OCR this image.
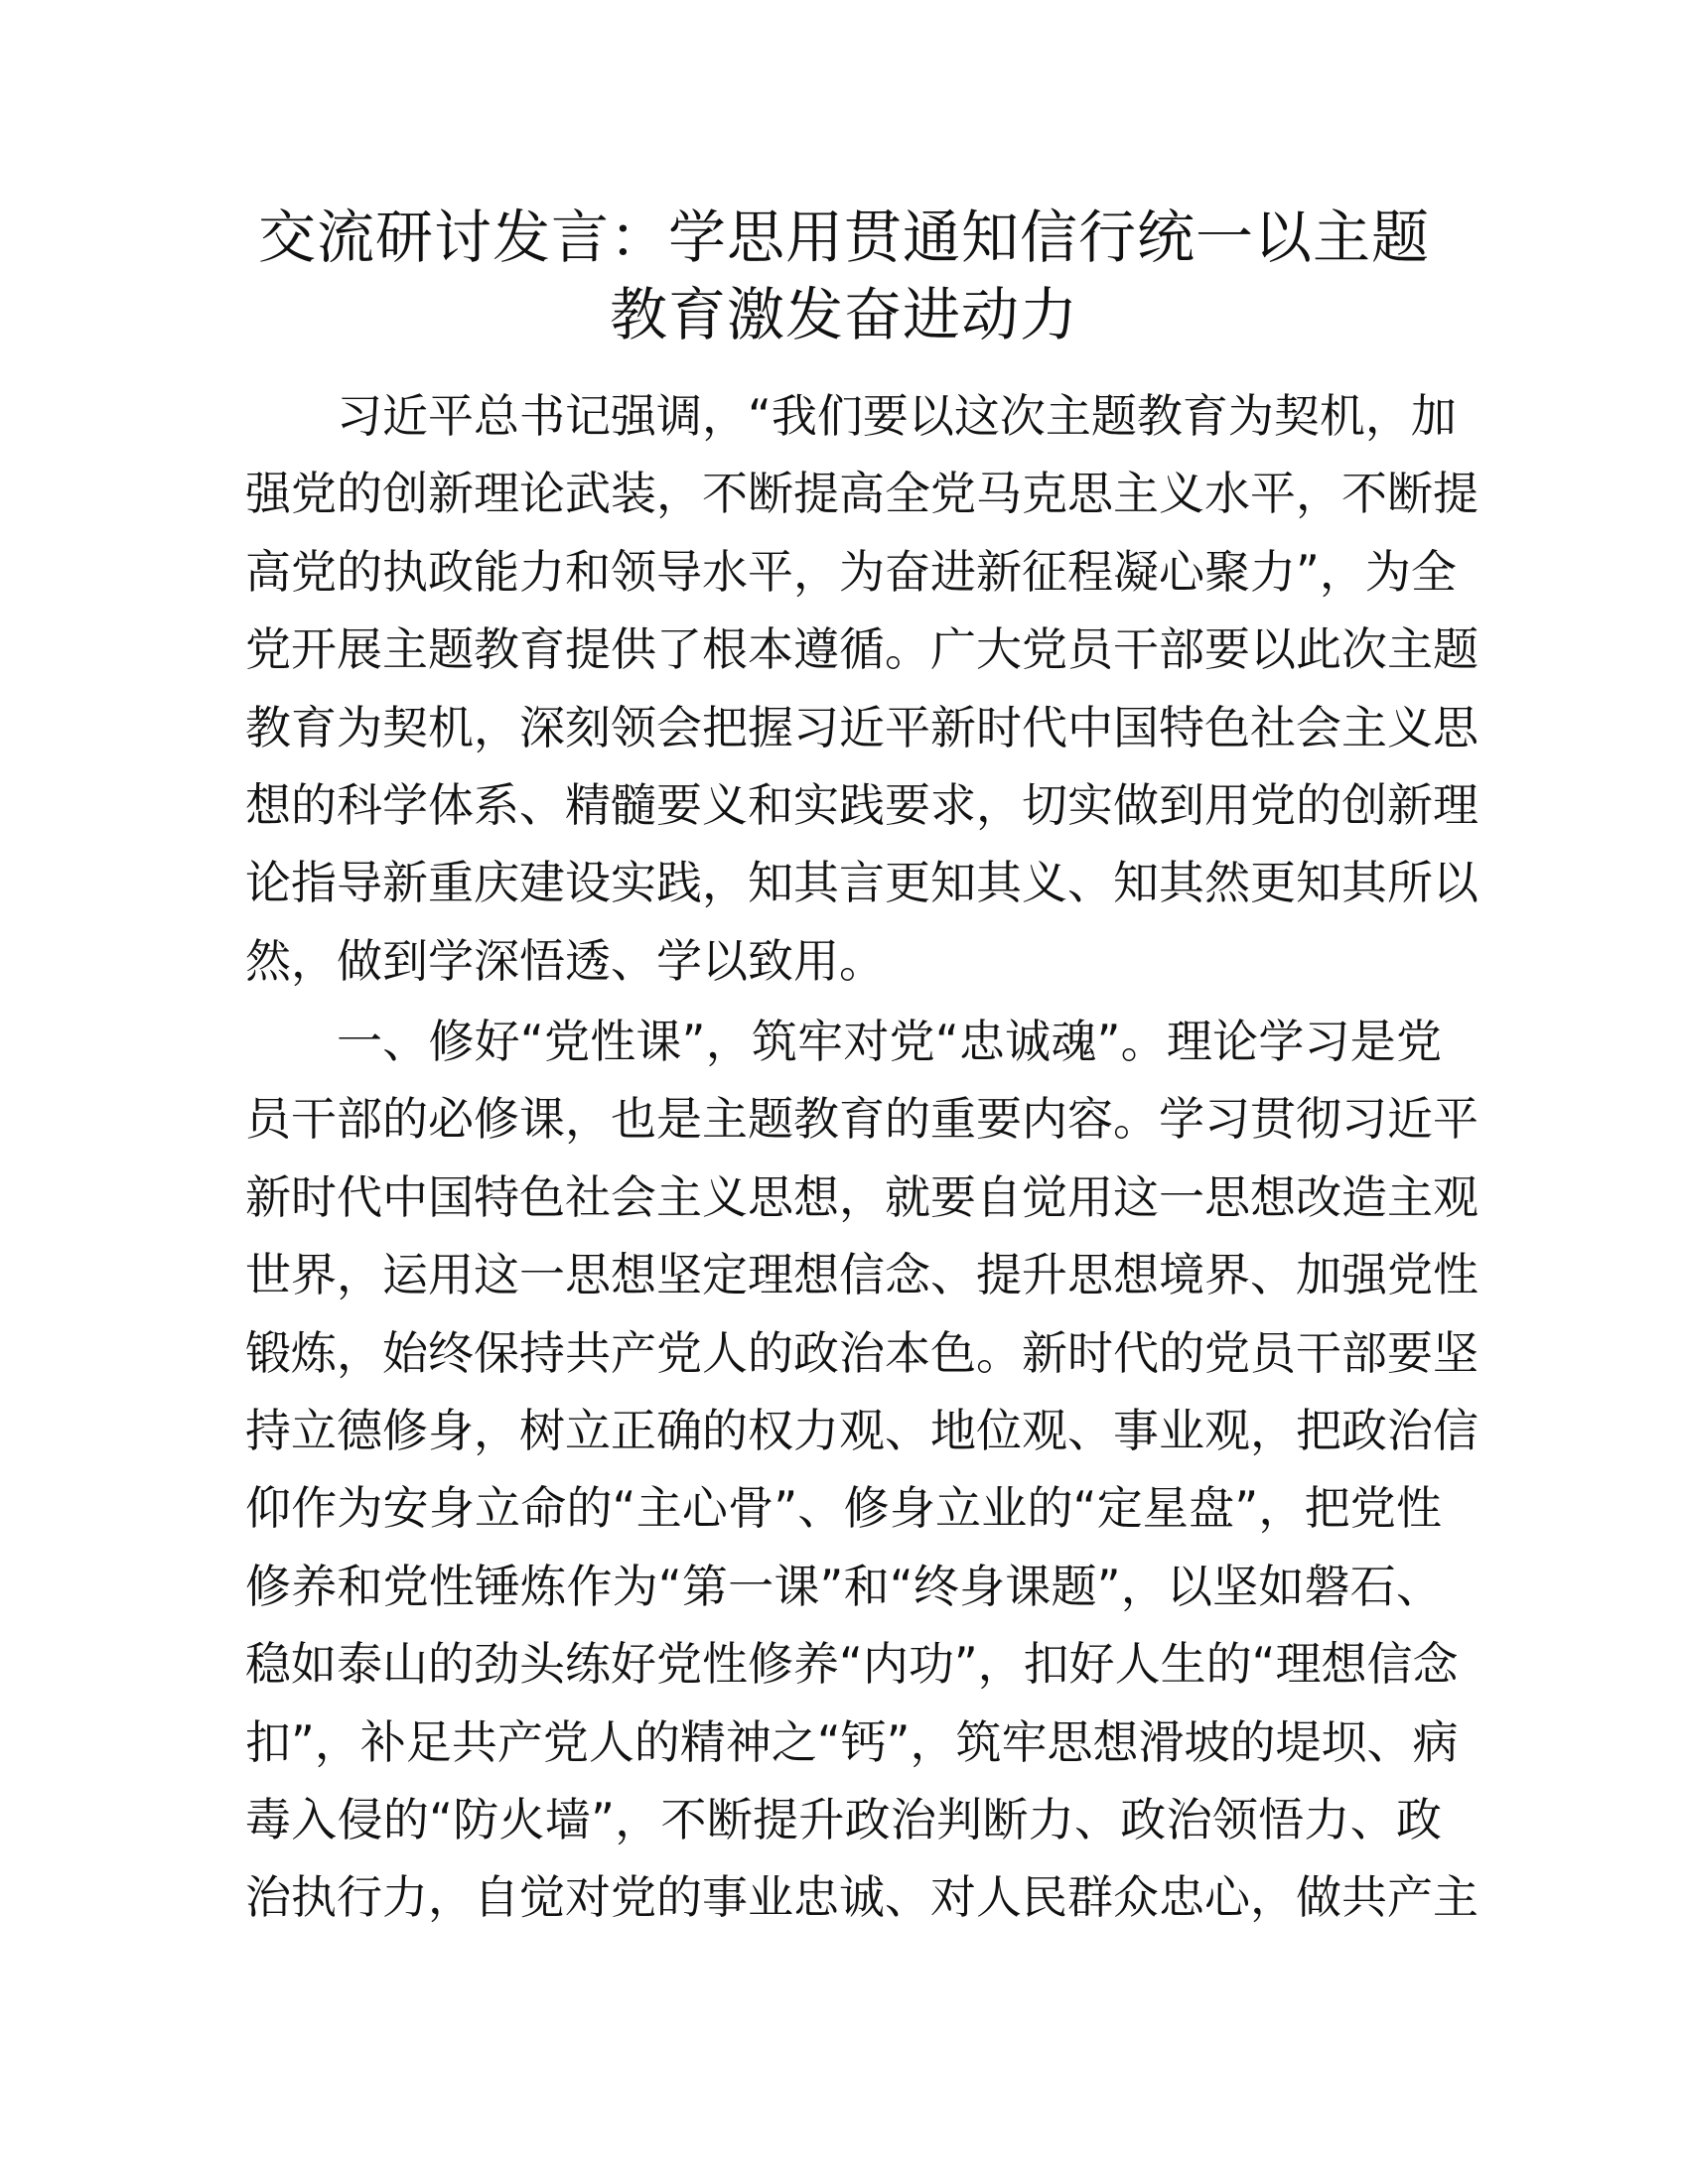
交流研讨发言：学思用贯通知信行统一以主题
教育激发奋进动力

习近平总书记强调，“我们要以这次主题教育为契机，加
强党的创新理论武装，不断提高全党马克思主义水平，不断提
高党的执政能力和领导水平，为奋进新征程凝心聚力”，为全
党开展主题教育提供了根本遵循。广大党员干部要以此次主题
教育为契机，深刻领会把握习近平新时代中国特色社会主义思
想的科学体系、精髓要义和实践要求，切实做到用党的创新理
论指导新重庆建设实践，知其言更知其义、知其然更知其所以
然，做到学深悟透、学以致用。

一、修好“党性课”，筑牢对党“忠诚魂”。理论学习是党
员干部的必修课，也是主题教育的重要内容。学习贯彻习近平
新时代中国特色社会主义思想，就要自觉用这一思想改造主观
世界，运用这一思想坚定理想信念、提升思想境界、加强党性
锻炼，始终保持共产党人的政治本色。新时代的党员干部要坚
持立德修身，树立正确的权力观、地位观、事业观，把政治信
仰作为安身立命的“主心骨”、修身立业的“定星盘”，把党性
修养和党性锤炼作为“第一课”和“终身课题”，以坚如磐石、
稳如泰山的劲头练好党性修养“内功”，扣好人生的“理想信念
扣”，补足共产党人的精神之“钙”，筑牢思想滑坡的堤坝、病
毒入侵的“防火墙”，不断提升政治判断力、政治领悟力、政
治执行力，自觉对党的事业忠诚、对人民群众忠心，做共产主
